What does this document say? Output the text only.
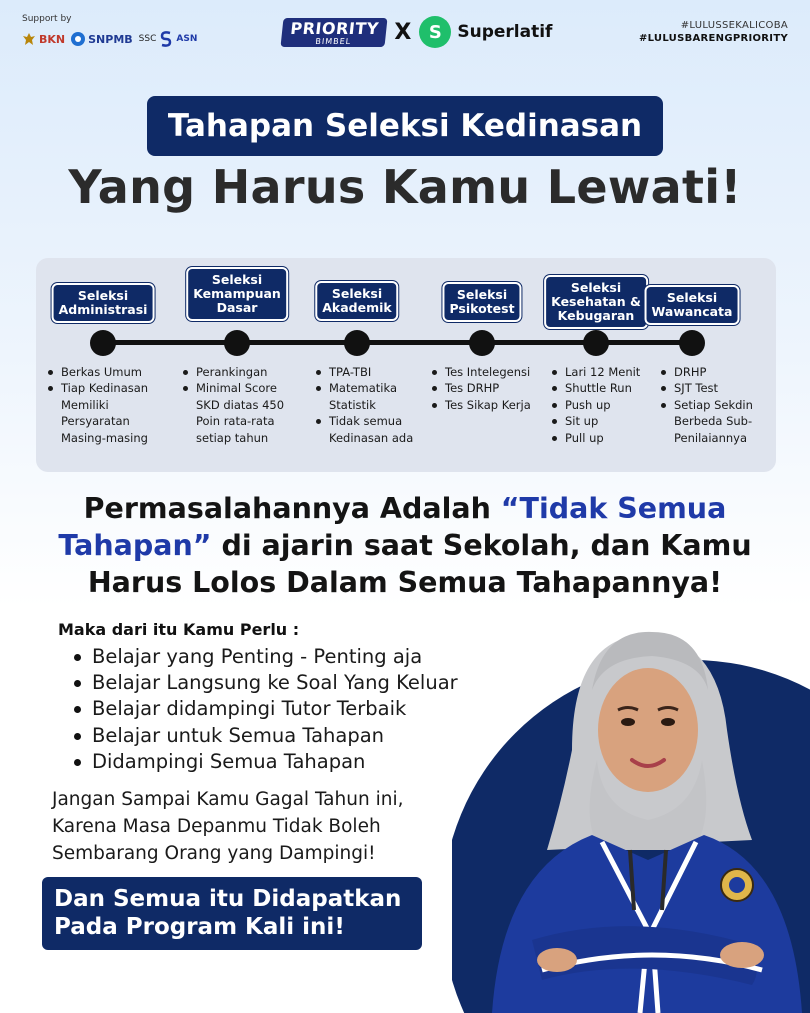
Support by
BKN SNPMB SSC ASN
PRIORITY
BIMBEL	X S Superlatif	#LULUSSEKALICOBA
#LULUSBARENGPRIORITY
Tahapan Seleksi Kedinasan
Yang Harus Kamu Lewati!
Seleksi
Administrasi
Berkas Umum
Tiap Kedinasan Memiliki Persyaratan Masing-masing
Seleksi
Kemampuan
Dasar
Perankingan
Minimal Score SKD diatas 450 Poin rata-rata setiap tahun
Seleksi
Akademik
TPA-TBI
Matematika Statistik
Tidak semua Kedinasan ada
Seleksi
Psikotest
Tes Intelegensi
Tes DRHP
Tes Sikap Kerja
Seleksi
Kesehatan &
Kebugaran
Lari 12 Menit
Shuttle Run
Push up
Sit up
Pull up
Seleksi
Wawancata
DRHP
SJT Test
Setiap Sekdin Berbeda Sub-Penilaiannya
Permasalahannya Adalah “Tidak Semua Tahapan” di ajarin saat Sekolah, dan Kamu Harus Lolos Dalam Semua Tahapannya!
Maka dari itu Kamu Perlu :
Belajar yang Penting - Penting aja
Belajar Langsung ke Soal Yang Keluar
Belajar didampingi Tutor Terbaik
Belajar untuk Semua Tahapan
Didampingi Semua Tahapan
Jangan Sampai Kamu Gagal Tahun ini,
Karena Masa Depanmu Tidak Boleh
Sembarang Orang yang Dampingi!
Dan Semua itu Didapatkan
Pada Program Kali ini!
